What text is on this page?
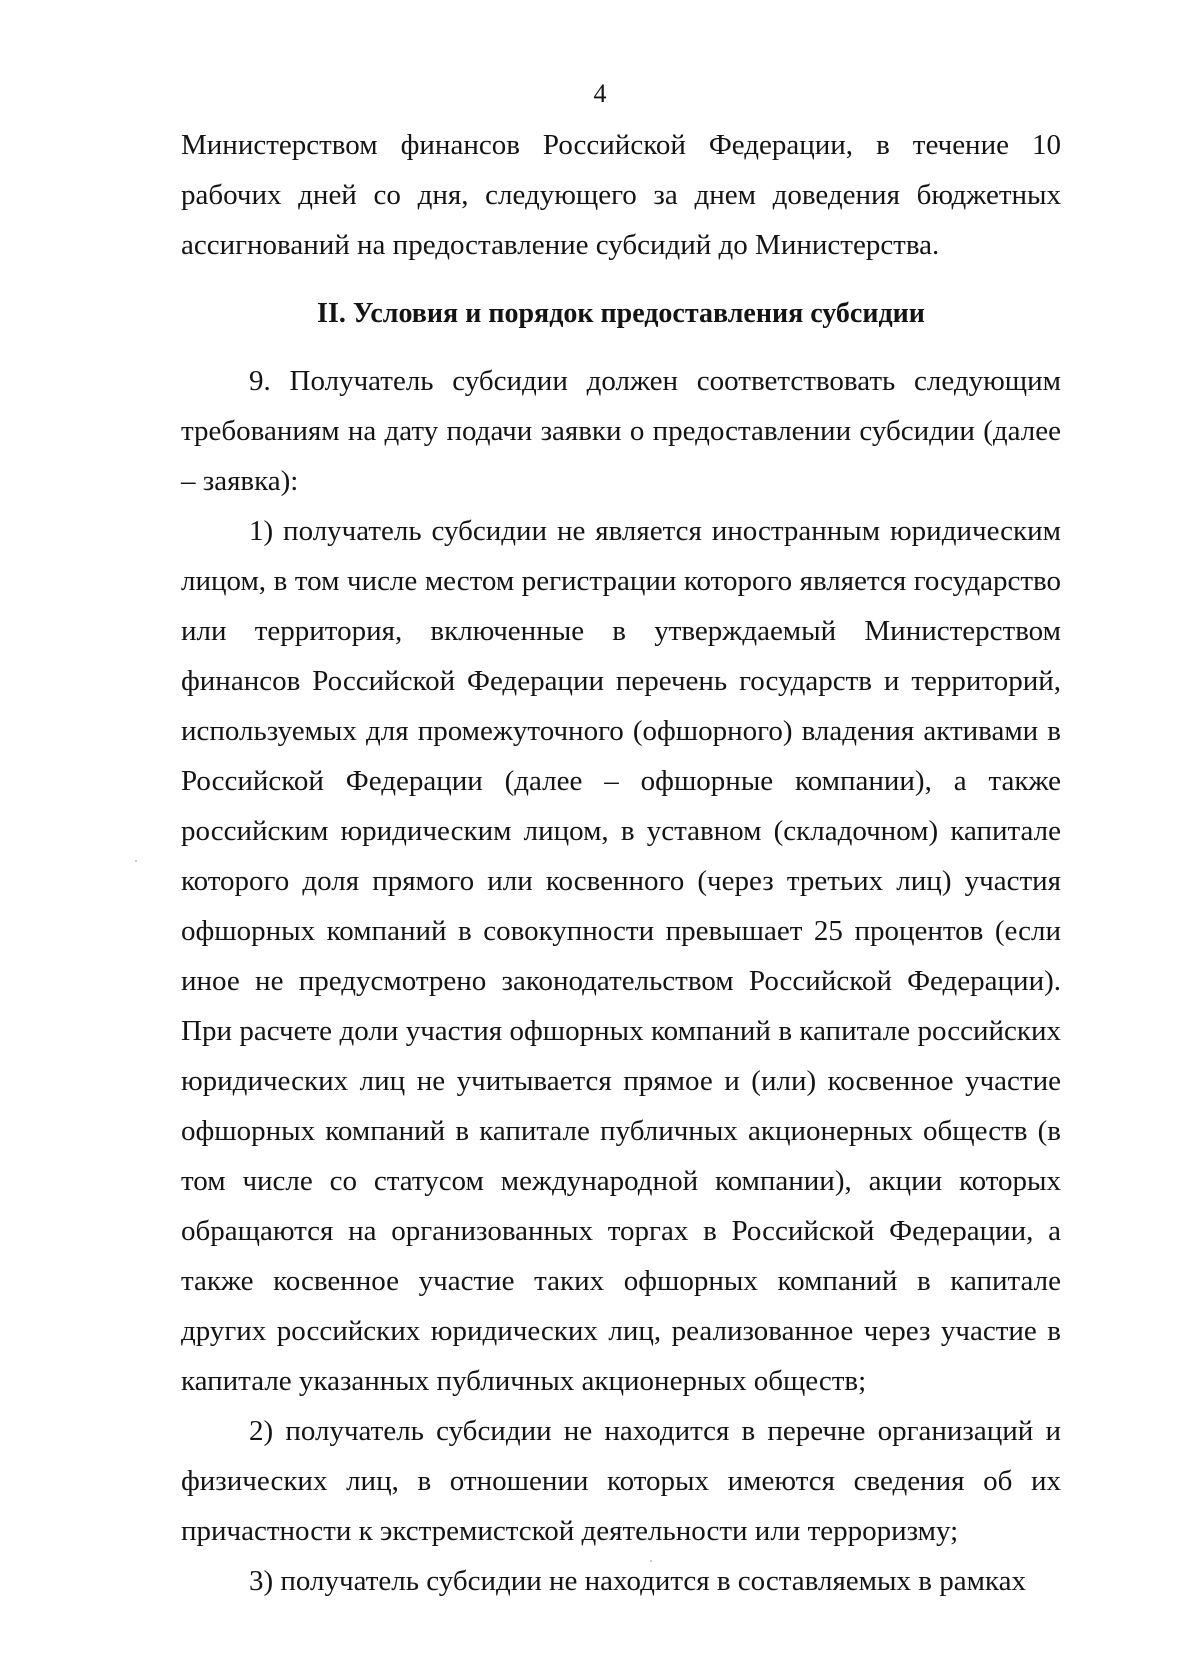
4

Министерством финансов Российской Федерации, в течение 10 рабочих дней со дня, следующего за днем доведения бюджетных ассигнований на предоставление субсидий до Министерства.

II. Условия и порядок предоставления субсидии

9. Получатель субсидии должен соответствовать следующим требованиям на дату подачи заявки о предоставлении субсидии (далее – заявка):

1) получатель субсидии не является иностранным юридическим лицом, в том числе местом регистрации которого является государство или территория, включенные в утверждаемый Министерством финансов Российской Федерации перечень государств и территорий, используемых для промежуточного (офшорного) владения активами в Российской Федерации (далее – офшорные компании), а также российским юридическим лицом, в уставном (складочном) капитале которого доля прямого или косвенного (через третьих лиц) участия офшорных компаний в совокупности превышает 25 процентов (если иное не предусмотрено законодательством Российской Федерации). При расчете доли участия офшорных компаний в капитале российских юридических лиц не учитывается прямое и (или) косвенное участие офшорных компаний в капитале публичных акционерных обществ (в том числе со статусом международной компании), акции которых обращаются на организованных торгах в Российской Федерации, а также косвенное участие таких офшорных компаний в капитале других российских юридических лиц, реализованное через участие в капитале указанных публичных акционерных обществ;

2) получатель субсидии не находится в перечне организаций и физических лиц, в отношении которых имеются сведения об их причастности к экстремистской деятельности или терроризму;

3) получатель субсидии не находится в составляемых в рамках
